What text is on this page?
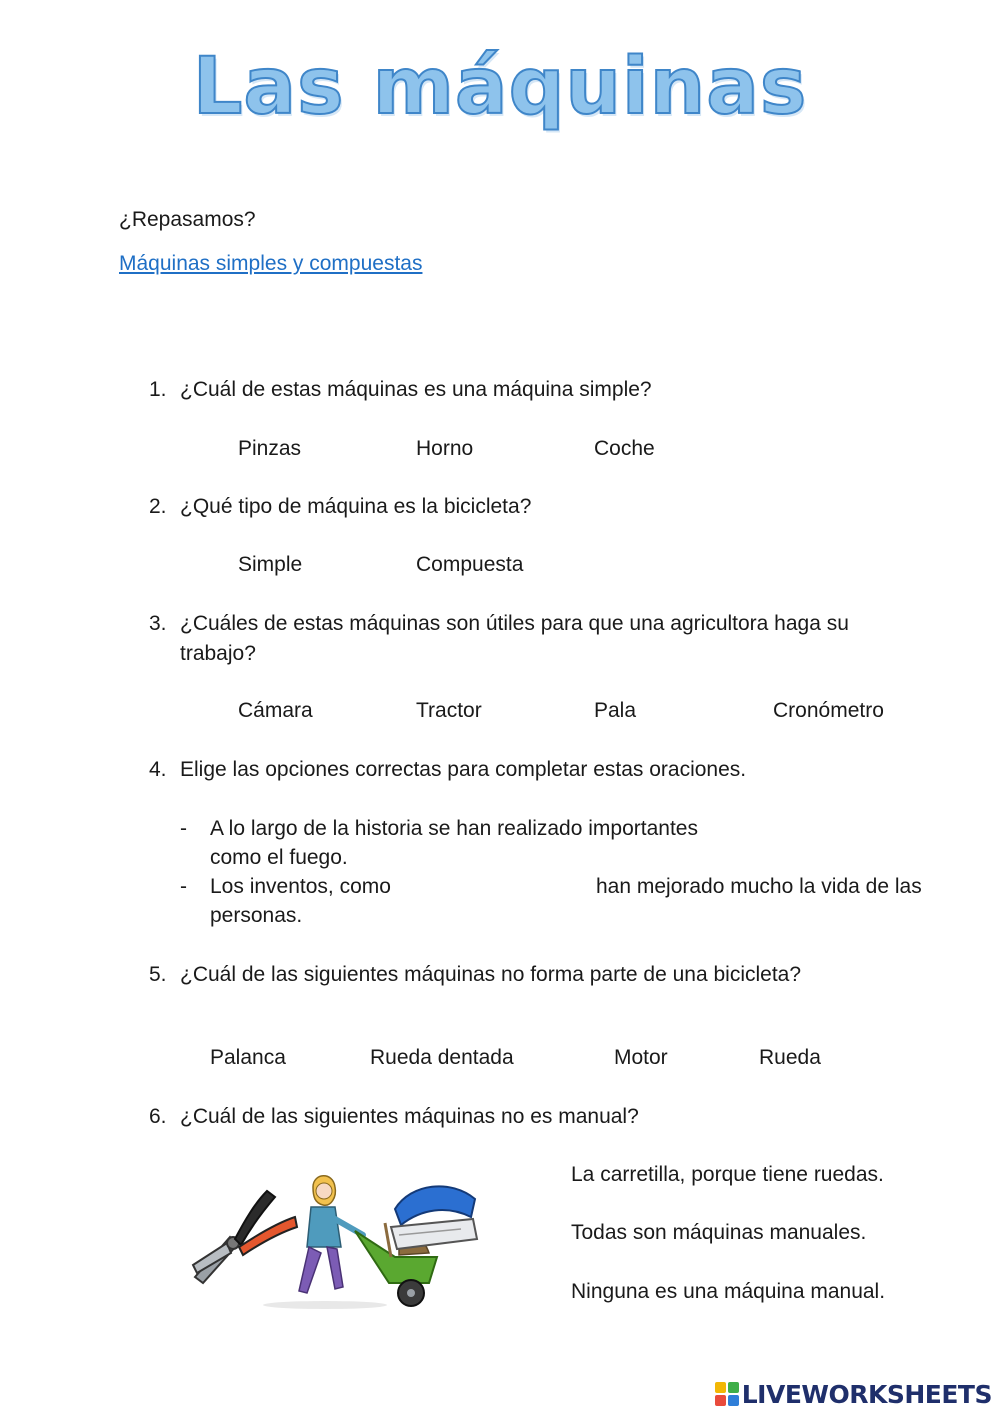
Las máquinas
¿Repasamos?
Máquinas simples y compuestas
1. ¿Cuál de estas máquinas es una máquina simple?
Pinzas	Horno	Coche
2. ¿Qué tipo de máquina es la bicicleta?
Simple	Compuesta
3. ¿Cuáles de estas máquinas son útiles para que una agricultora haga su
trabajo?
Cámara	Tractor	Pala	Cronómetro
4. Elige las opciones correctas para completar estas oraciones.
- A lo largo de la historia se han realizado importantes
como el fuego.
- Los inventos, como	han mejorado mucho la vida de las
personas.
5. ¿Cuál de las siguientes máquinas no forma parte de una bicicleta?
Palanca	Rueda dentada	Motor	Rueda
6. ¿Cuál de las siguientes máquinas no es manual?
La carretilla, porque tiene ruedas.
Todas son máquinas manuales.
Ninguna es una máquina manual.
LIVEWORKSHEETS
